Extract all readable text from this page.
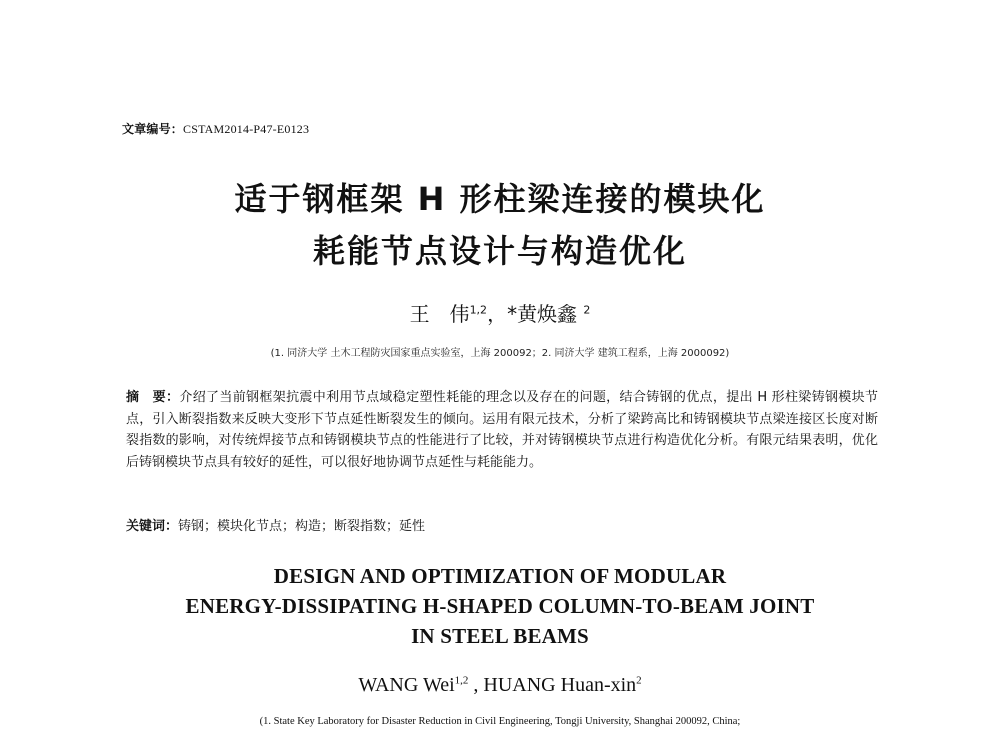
文章编号：CSTAM2014-P47-E0123
适于钢框架 H 形柱梁连接的模块化
耗能节点设计与构造优化
王　伟$^{1,2}$，*黄焕鑫 $^2$
(1. 同济大学 土木工程防灾国家重点实验室，上海 200092；2. 同济大学 建筑工程系，上海 2000092)
摘　要：介绍了当前钢框架抗震中利用节点域稳定塑性耗能的理念以及存在的问题，结合铸钢的优点，提出 H 形柱梁铸钢模块节点，引入断裂指数来反映大变形下节点延性断裂发生的倾向。运用有限元技术，分析了梁跨高比和铸钢模块节点梁连接区长度对断裂指数的影响，对传统焊接节点和铸钢模块节点的性能进行了比较，并对铸钢模块节点进行构造优化分析。有限元结果表明，优化后铸钢模块节点具有较好的延性，可以很好地协调节点延性与耗能能力。
关键词：铸钢；模块化节点；构造；断裂指数；延性
DESIGN AND OPTIMIZATION OF MODULAR
ENERGY-DISSIPATING H-SHAPED COLUMN-TO-BEAM JOINT
IN STEEL BEAMS
WANG Wei$^{1,2}$ , HUANG Huan-xin$^2$
(1. State Key Laboratory for Disaster Reduction in Civil Engineering, Tongji University, Shanghai 200092, China;
